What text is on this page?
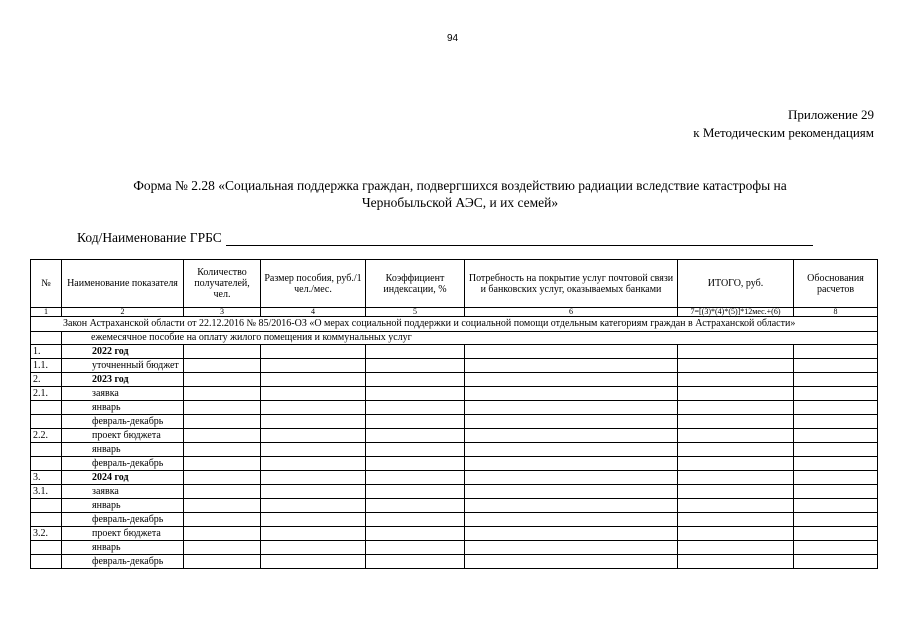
94
Приложение 29
к Методическим рекомендациям
Форма № 2.28 «Социальная поддержка граждан, подвергшихся воздействию радиации вследствие катастрофы на
Чернобыльской АЭС, и их семей»
Код/Наименование ГРБС
№	Наименование показателя	Количество получателей, чел.	Размер пособия, руб./1 чел./мес.	Коэффициент индексации, %	Потребность на покрытие услуг почтовой связи и банковских услуг, оказываемых банками	ИТОГО, руб.	Обоснования расчетов
1	2	3	4	5	6	7=[(3)*(4)*(5)]*12мес.+(6)	8
Закон Астраханской области от 22.12.2016 № 85/2016-ОЗ «О мерах социальной поддержки и социальной помощи отдельным категориям граждан в Астраханской области»							
	ежемесячное пособие на оплату жилого помещения и коммунальных услуг						
1.	2022 год						
1.1.	уточненный бюджет						
2.	2023 год						
2.1.	заявка						
	январь						
	февраль-декабрь						
2.2.	проект бюджета						
	январь						
	февраль-декабрь						
3.	2024 год						
3.1.	заявка						
	январь						
	февраль-декабрь						
3.2.	проект бюджета						
	январь						
	февраль-декабрь						
